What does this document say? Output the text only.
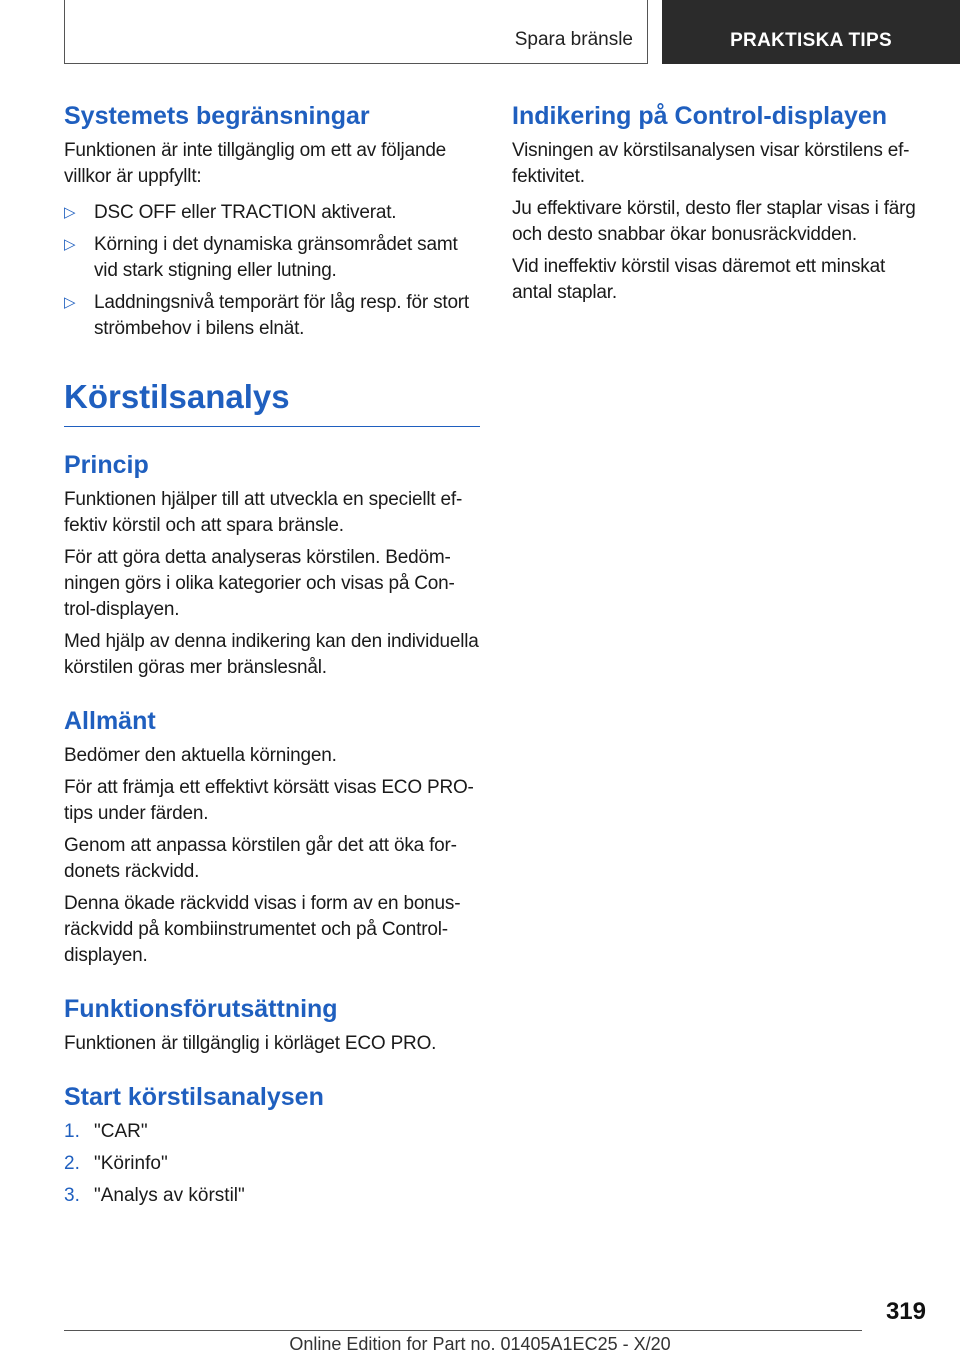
Spara bränsle	PRAKTISKA TIPS
Systemets begränsningar

Funktionen är inte tillgänglig om ett av följande villkor är uppfyllt:

▷ DSC OFF eller TRACTION aktiverat.
▷ Körning i det dynamiska gränsområdet samt vid stark stigning eller lutning.
▷ Laddningsnivå temporärt för låg resp. för stort strömbehov i bilens elnät.
Körstilsanalys
Princip

Funktionen hjälper till att utveckla en speciellt effektiv körstil och att spara bränsle.

För att göra detta analyseras körstilen. Bedömningen görs i olika kategorier och visas på Control-displayen.

Med hjälp av denna indikering kan den individuella körstilen göras mer bränslesnål.

Allmänt

Bedömer den aktuella körningen.

För att främja ett effektivt körsätt visas ECO PRO-tips under färden.

Genom att anpassa körstilen går det att öka fordonets räckvidd.

Denna ökade räckvidd visas i form av en bonusräckvidd på kombiinstrumentet och på Control-displayen.

Funktionsförutsättning

Funktionen är tillgänglig i körläget ECO PRO.

Start körstilsanalysen
1. "CAR"
2. "Körinfo"
3. "Analys av körstil"
Indikering på Control-displayen

Visningen av körstilsanalysen visar körstilens effektivitet.

Ju effektivare körstil, desto fler staplar visas i färg och desto snabbar ökar bonusräckvidden.

Vid ineffektiv körstil visas däremot ett minskat antal staplar.

319
Online Edition for Part no. 01405A1EC25 - X/20
